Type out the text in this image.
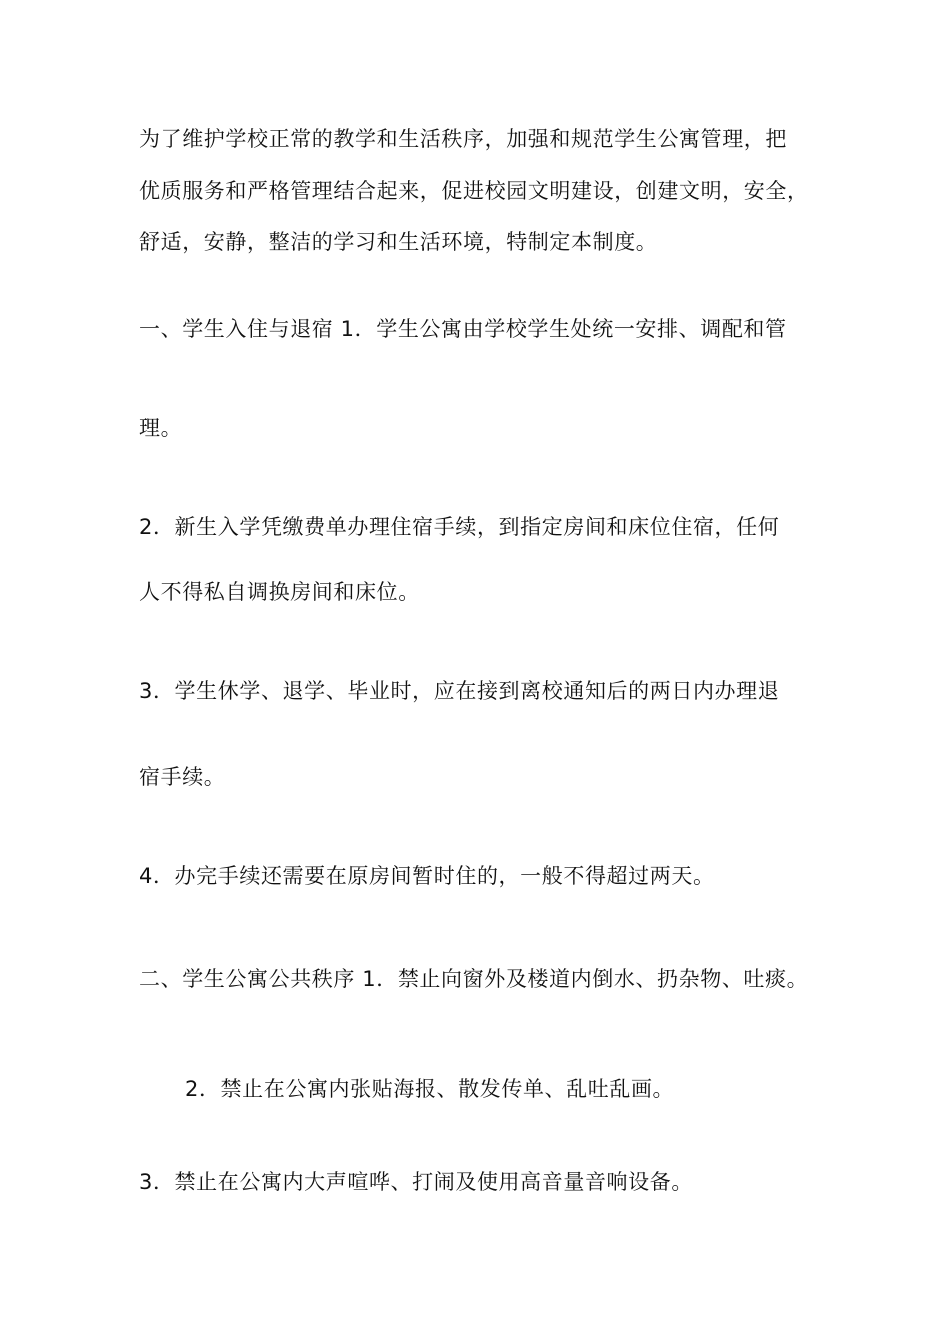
为了维护学校正常的教学和生活秩序，加强和规范学生公寓管理，把
优质服务和严格管理结合起来，促进校园文明建设，创建文明，安全，
舒适，安静，整洁的学习和生活环境，特制定本制度。
一、学生入住与退宿 1．学生公寓由学校学生处统一安排、调配和管
理。
2．新生入学凭缴费单办理住宿手续，到指定房间和床位住宿，任何
人不得私自调换房间和床位。
3．学生休学、退学、毕业时，应在接到离校通知后的两日内办理退
宿手续。
4．办完手续还需要在原房间暂时住的，一般不得超过两天。
二、学生公寓公共秩序 1．禁止向窗外及楼道内倒水、扔杂物、吐痰。
2．禁止在公寓内张贴海报、散发传单、乱吐乱画。
3．禁止在公寓内大声喧哗、打闹及使用高音量音响设备。
